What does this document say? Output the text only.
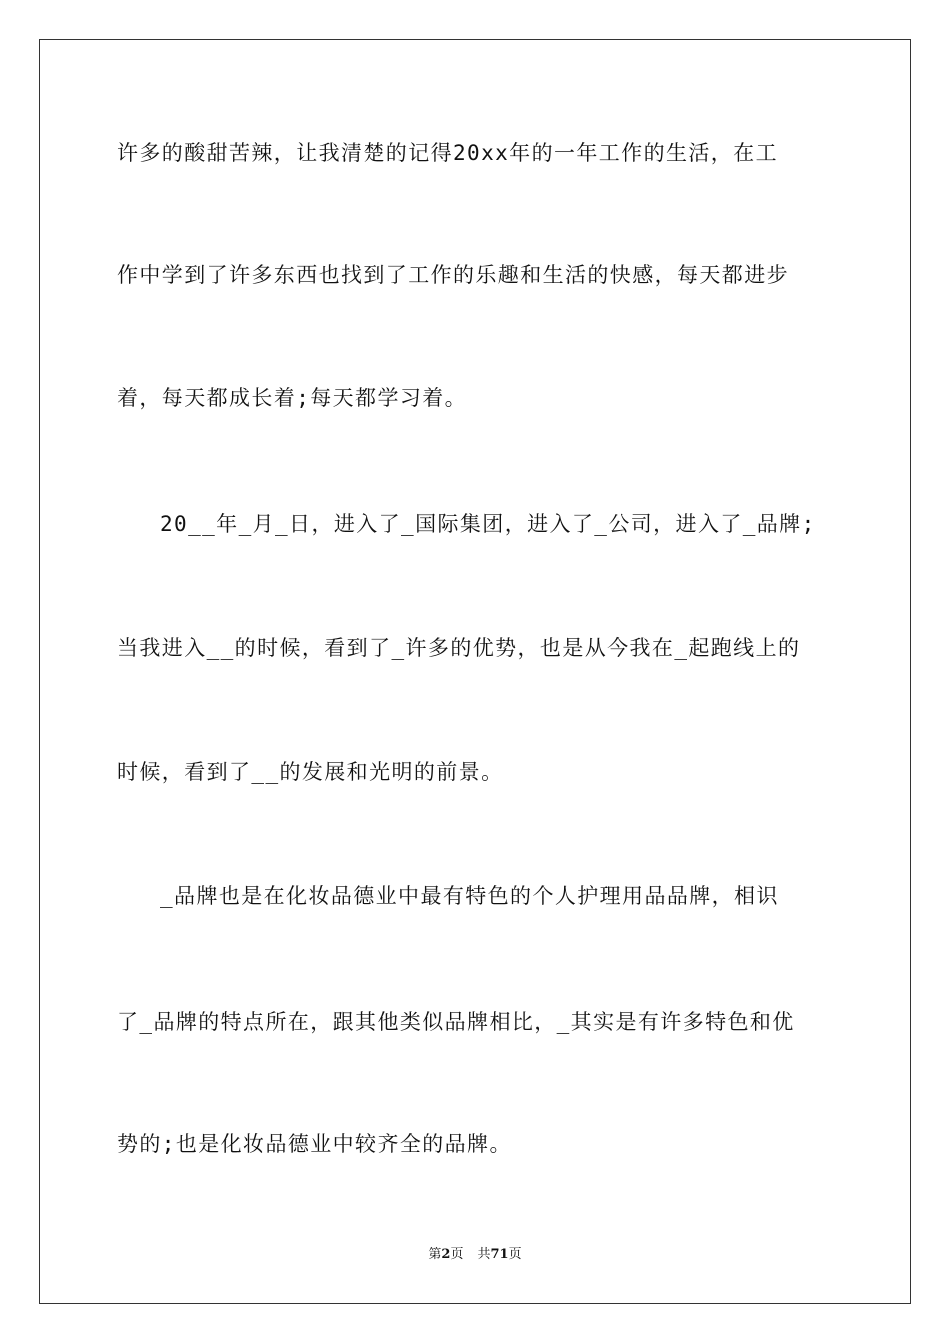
许多的酸甜苦辣，让我清楚的记得20xx年的一年工作的生活，在工
作中学到了许多东西也找到了工作的乐趣和生活的快感，每天都进步
着，每天都成长着;每天都学习着。
20__年_月_日，进入了_国际集团，进入了_公司，进入了_品牌;
当我进入__的时候，看到了_许多的优势，也是从今我在_起跑线上的
时候，看到了__的发展和光明的前景。
_品牌也是在化妆品德业中最有特色的个人护理用品品牌，相识
了_品牌的特点所在，跟其他类似品牌相比，_其实是有许多特色和优
势的;也是化妆品德业中较齐全的品牌。
第2页 共71页
